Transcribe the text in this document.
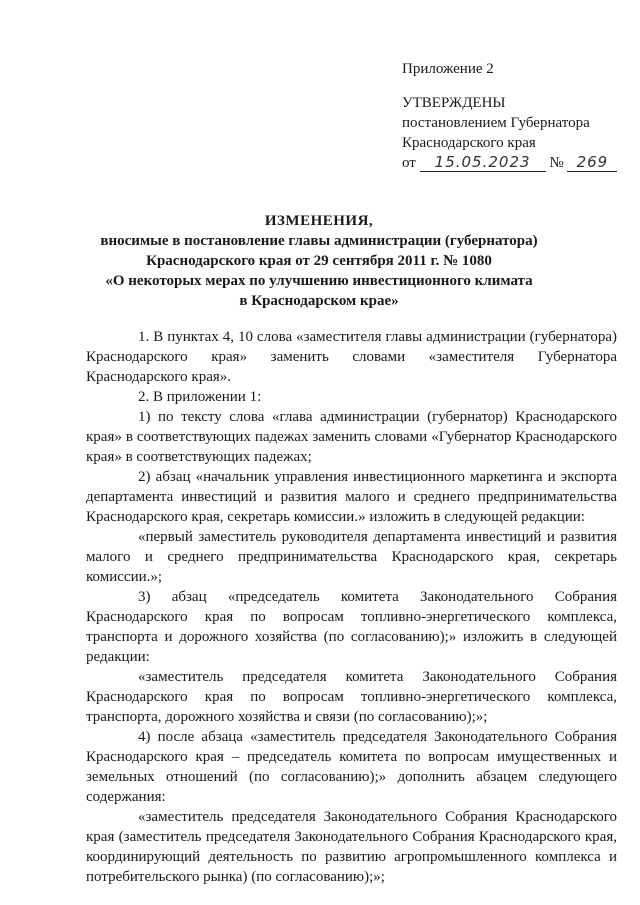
Приложение 2
УТВЕРЖДЕНЫ
постановлением Губернатора
Краснодарского края
от 15.05.2023 № 269
ИЗМЕНЕНИЯ,
вносимые в постановление главы администрации (губернатора)
Краснодарского края от 29 сентября 2011 г. № 1080
«О некоторых мерах по улучшению инвестиционного климата
в Краснодарском крае»

1. В пунктах 4, 10 слова «заместителя главы администрации (губернатора) Краснодарского края» заменить словами «заместителя Губернатора Краснодарского края».

2. В приложении 1:

1) по тексту слова «глава администрации (губернатор) Краснодарского края» в соответствующих падежах заменить словами «Губернатор Краснодарского края» в соответствующих падежах;

2) абзац «начальник управления инвестиционного маркетинга и экспорта департамента инвестиций и развития малого и среднего предпринимательства Краснодарского края, секретарь комиссии.» изложить в следующей редакции:

«первый заместитель руководителя департамента инвестиций и развития малого и среднего предпринимательства Краснодарского края, секретарь комиссии.»;

3) абзац «председатель комитета Законодательного Собрания Краснодарского края по вопросам топливно-энергетического комплекса, транспорта и дорожного хозяйства (по согласованию);» изложить в следующей редакции:

«заместитель председателя комитета Законодательного Собрания Краснодарского края по вопросам топливно-энергетического комплекса, транспорта, дорожного хозяйства и связи (по согласованию);»;

4) после абзаца «заместитель председателя Законодательного Собрания Краснодарского края – председатель комитета по вопросам имущественных и земельных отношений (по согласованию);» дополнить абзацем следующего содержания:

«заместитель председателя Законодательного Собрания Краснодарского края (заместитель председателя Законодательного Собрания Краснодарского края, координирующий деятельность по развитию агропромышленного комплекса и потребительского рынка) (по согласованию);»;
